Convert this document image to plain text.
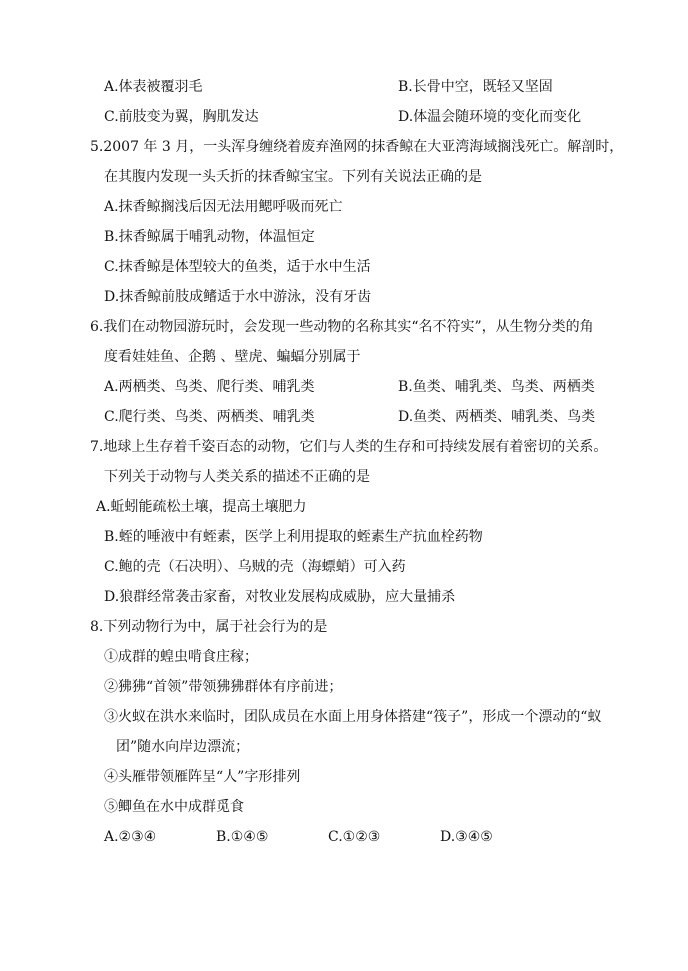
A.体表被覆羽毛	B.长骨中空，既轻又坚固
C.前肢变为翼，胸肌发达	D.体温会随环境的变化而变化
5.2007 年 3 月，一头浑身缠绕着废弃渔网的抹香鲸在大亚湾海域搁浅死亡。解剖时，
在其腹内发现一头夭折的抹香鲸宝宝。下列有关说法正确的是
A.抹香鲸搁浅后因无法用鳃呼吸而死亡
B.抹香鲸属于哺乳动物，体温恒定
C.抹香鲸是体型较大的鱼类，适于水中生活
D.抹香鲸前肢成鳍适于水中游泳，没有牙齿
6.我们在动物园游玩时，会发现一些动物的名称其实“名不符实”，从生物分类的角
度看娃娃鱼、企鹅 、壁虎、蝙蝠分别属于
A.两栖类、鸟类、爬行类、哺乳类	B.鱼类、哺乳类、鸟类、两栖类
C.爬行类、鸟类、两栖类、哺乳类	D.鱼类、两栖类、哺乳类、鸟类
7.地球上生存着千姿百态的动物，它们与人类的生存和可持续发展有着密切的关系。
下列关于动物与人类关系的描述不正确的是
A.蚯蚓能疏松土壤，提高土壤肥力
B.蛭的唾液中有蛭素，医学上利用提取的蛭素生产抗血栓药物
C.鲍的壳（石决明）、乌贼的壳（海螵蛸）可入药
D.狼群经常袭击家畜，对牧业发展构成威胁，应大量捕杀
8.下列动物行为中，属于社会行为的是
①成群的蝗虫啃食庄稼；
②狒狒“首领”带领狒狒群体有序前进；
③火蚁在洪水来临时，团队成员在水面上用身体搭建“筏子”，形成一个漂动的“蚁
团”随水向岸边漂流；
④头雁带领雁阵呈“人”字形排列
⑤鲫鱼在水中成群觅食
A.②③④	B.①④⑤	C.①②③	D.③④⑤
